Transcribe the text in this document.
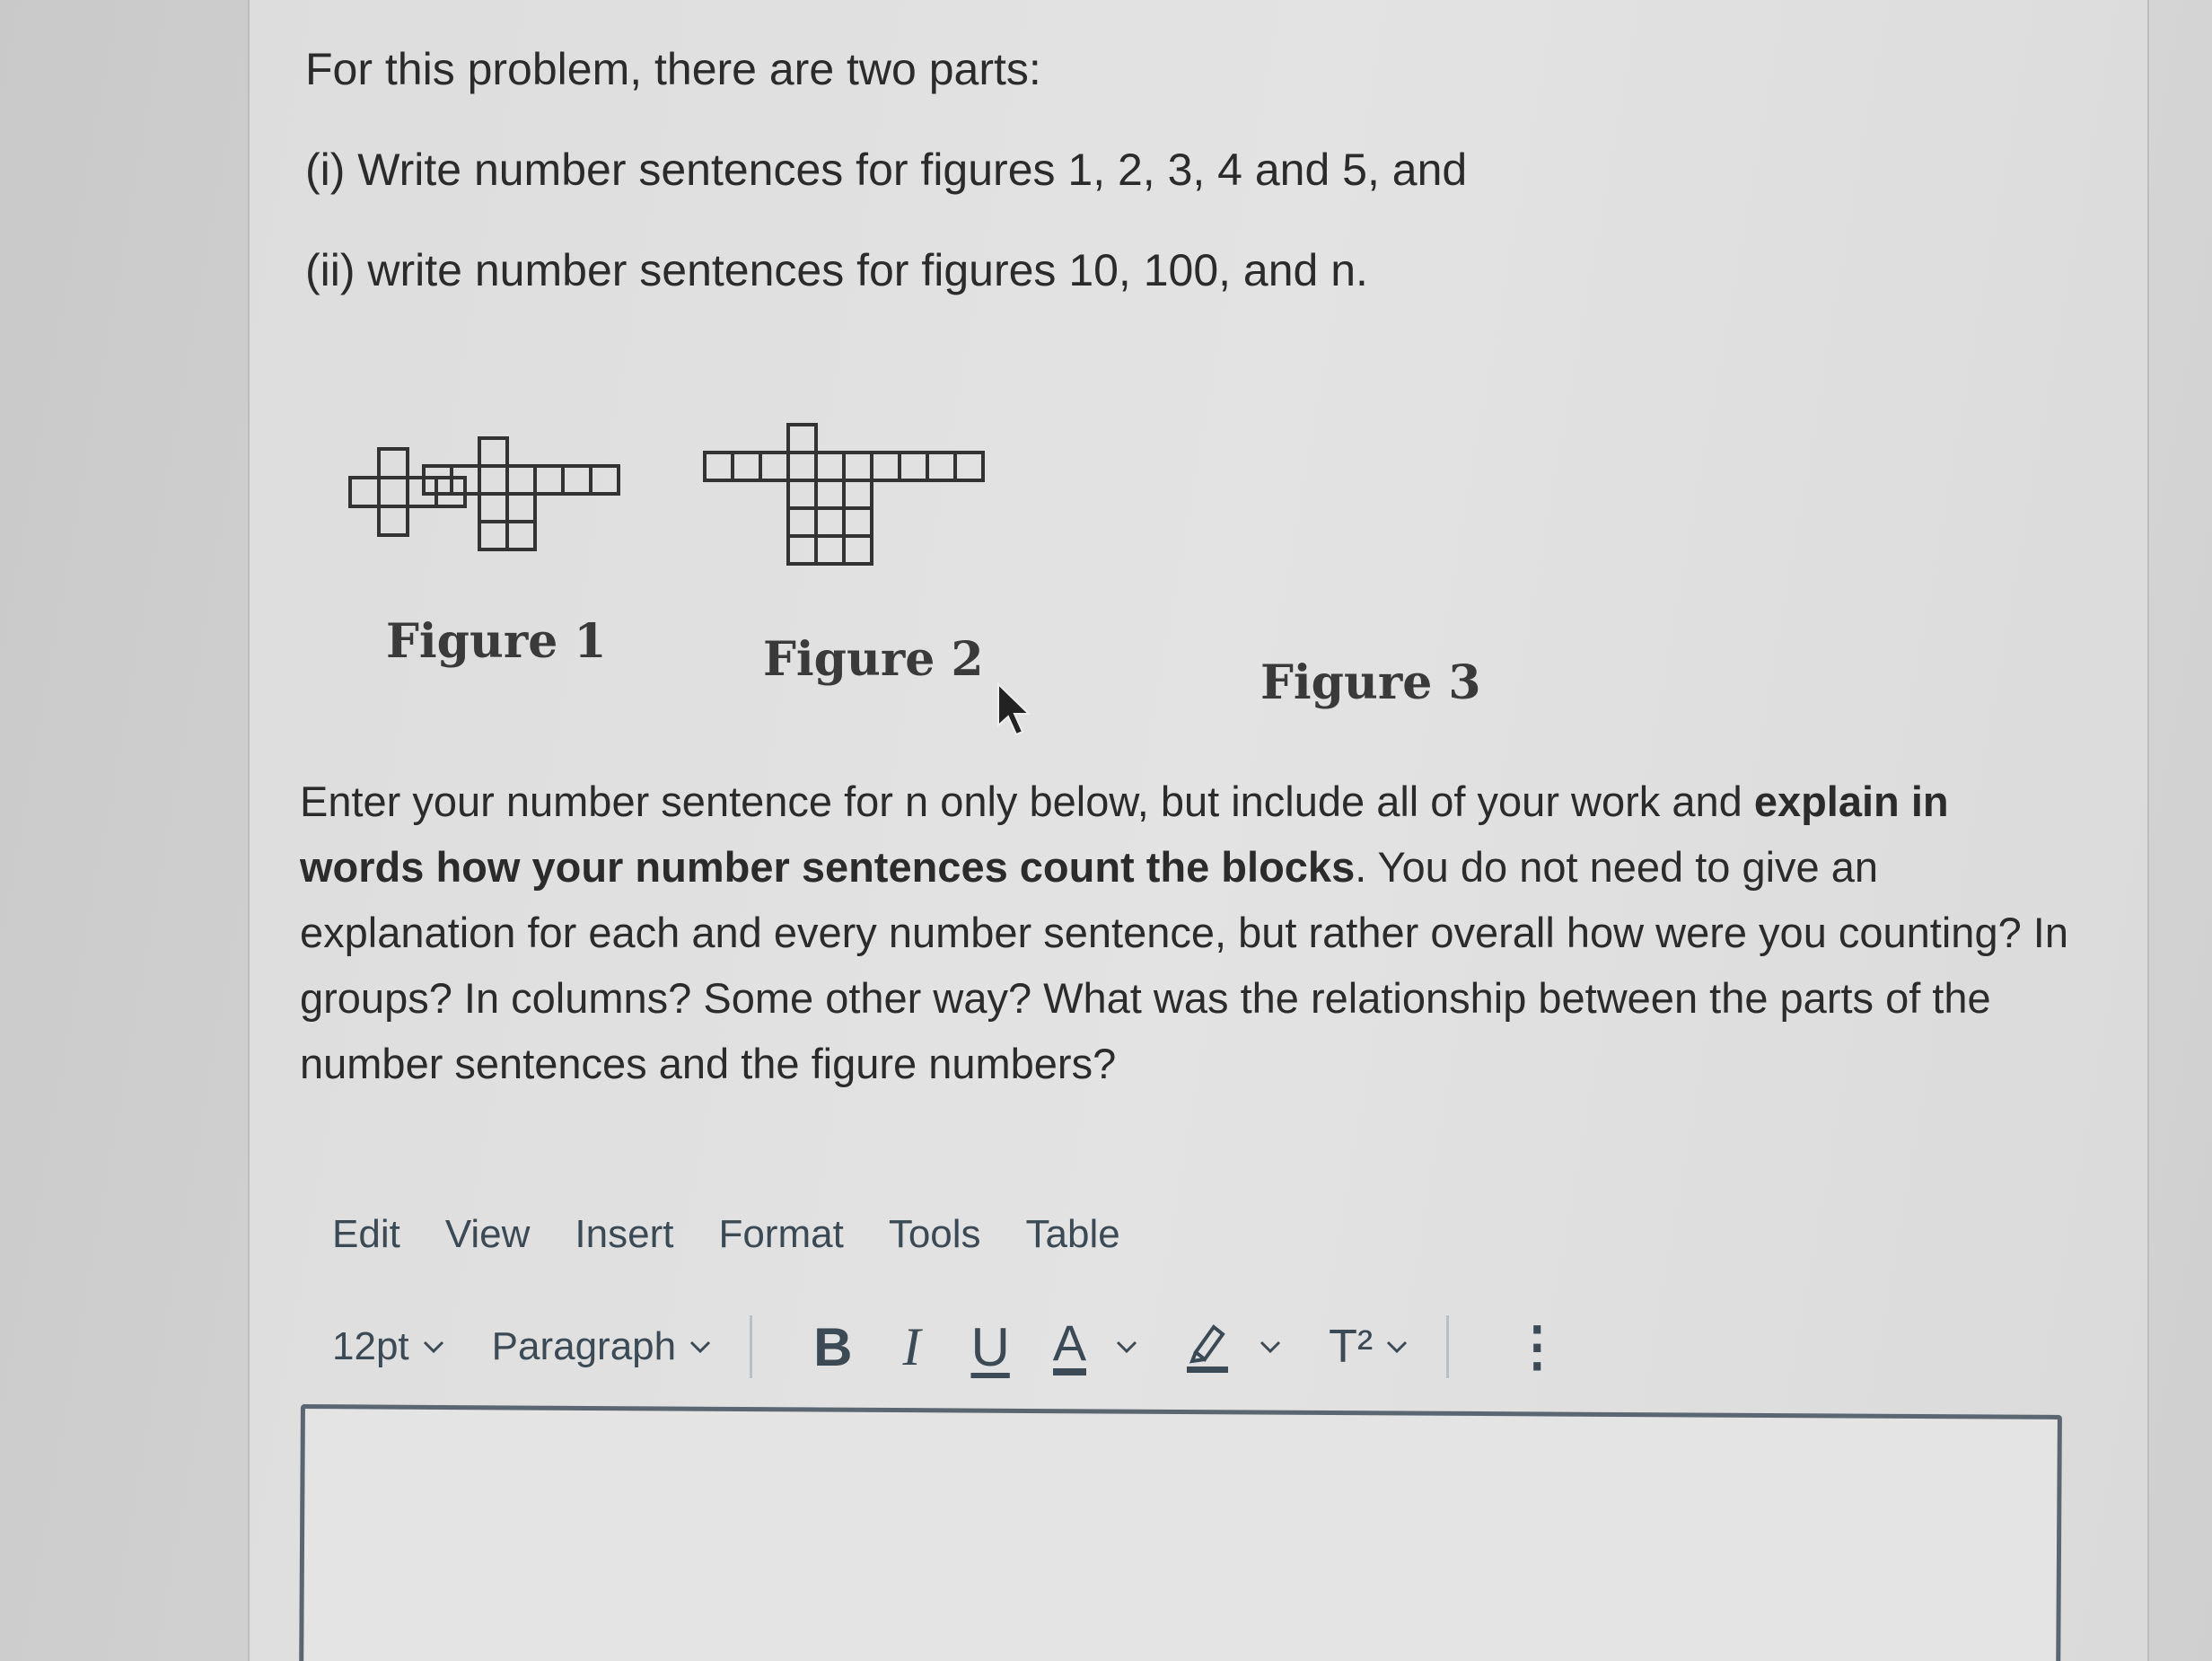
For this problem, there are two parts:
(i) Write number sentences for figures 1, 2, 3, 4 and 5, and
(ii) write number sentences for figures 10, 100, and n.
Figure 1	Figure 2	Figure 3
Enter your number sentence for n only below, but include all of your work and explain in words how your number sentences count the blocks. You do not need to give an explanation for each and every number sentence, but rather overall how were you counting? In groups? In columns? Some other way? What was the relationship between the parts of the number sentences and the figure numbers?
Edit View Insert Format Tools Table
12pt Paragraph	B I U A	T²	⋮
